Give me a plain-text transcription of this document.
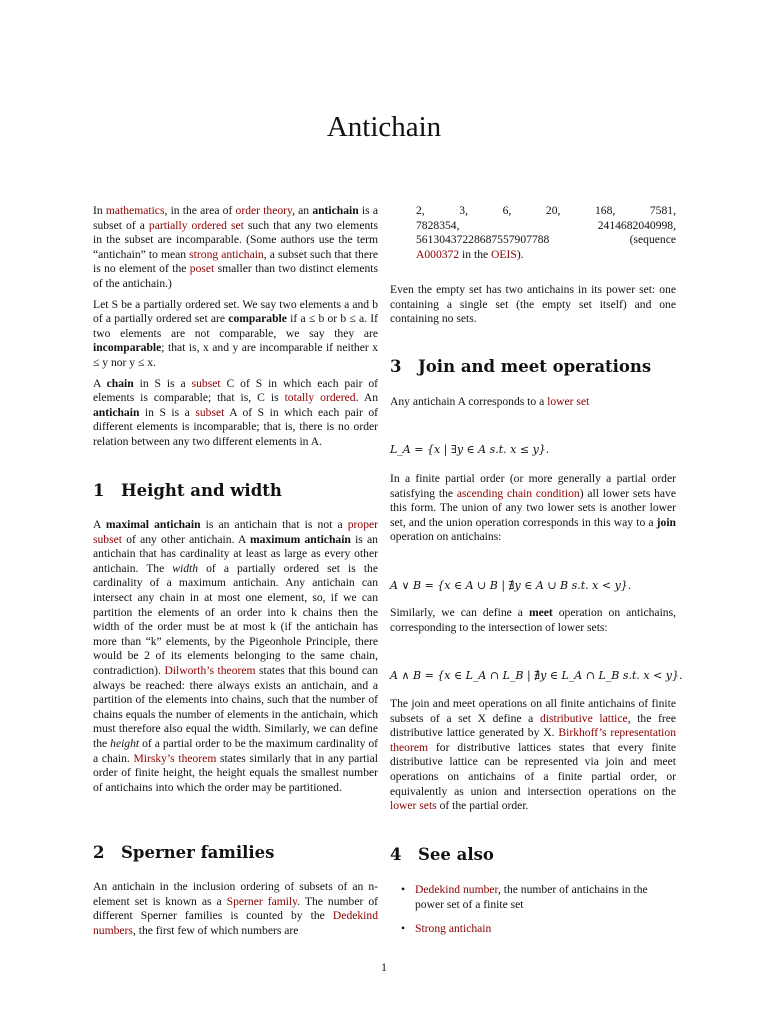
Antichain

In mathematics, in the area of order theory, an antichain is a subset of a partially ordered set such that any two elements in the subset are incomparable. (Some authors use the term “antichain” to mean strong antichain, a subset such that there is no element of the poset smaller than two distinct elements of the antichain.)

Let S be a partially ordered set. We say two elements a and b of a partially ordered set are comparable if a ≤ b or b ≤ a. If two elements are not comparable, we say they are incomparable; that is, x and y are incomparable if neither x ≤ y nor y ≤ x.

A chain in S is a subset C of S in which each pair of elements is comparable; that is, C is totally ordered. An antichain in S is a subset A of S in which each pair of different elements is incomparable; that is, there is no order relation between any two different elements in A.

1 Height and width

A maximal antichain is an antichain that is not a proper subset of any other antichain. A maximum antichain is an antichain that has cardinality at least as large as every other antichain. The width of a partially ordered set is the cardinality of a maximum antichain. Any antichain can intersect any chain in at most one element, so, if we can partition the elements of an order into k chains then the width of the order must be at most k (if the antichain has more than “k” elements, by the Pigeonhole Principle, there would be 2 of its elements belonging to the same chain, contradiction). Dilworth’s theorem states that this bound can always be reached: there always exists an antichain, and a partition of the elements into chains, such that the number of chains equals the number of elements in the antichain, which must therefore also equal the width. Similarly, we can define the height of a partial order to be the maximum cardinality of a chain. Mirsky’s theorem states similarly that in any partial order of finite height, the height equals the smallest number of antichains into which the order may be partitioned.

2 Sperner families

An antichain in the inclusion ordering of subsets of an n-element set is known as a Sperner family. The number of different Sperner families is counted by the Dedekind numbers, the first few of which numbers are

2,	3,	6,	20,	168,	7581,
7828354,	2414682040998,
56130437228687557907788	(sequence
A000372 in the OEIS).

Even the empty set has two antichains in its power set: one containing a single set (the empty set itself) and one containing no sets.

3 Join and meet operations

Any antichain A corresponds to a lower set

L_A = {x | ∃y ∈ A s.t. x ≤ y}.

In a finite partial order (or more generally a partial order satisfying the ascending chain condition) all lower sets have this form. The union of any two lower sets is another lower set, and the union operation corresponds in this way to a join operation on antichains:

A ∨ B = {x ∈ A ∪ B | ∄y ∈ A ∪ B s.t. x < y}.

Similarly, we can define a meet operation on antichains, corresponding to the intersection of lower sets:

A ∧ B = {x ∈ L_A ∩ L_B | ∄y ∈ L_A ∩ L_B s.t. x < y}.

The join and meet operations on all finite antichains of finite subsets of a set X define a distributive lattice, the free distributive lattice generated by X. Birkhoff’s representation theorem for distributive lattices states that every finite distributive lattice can be represented via join and meet operations on antichains of a finite partial order, or equivalently as union and intersection operations on the lower sets of the partial order.

4 See also
• Dedekind number, the number of antichains in the power set of a finite set
• Strong antichain
1
